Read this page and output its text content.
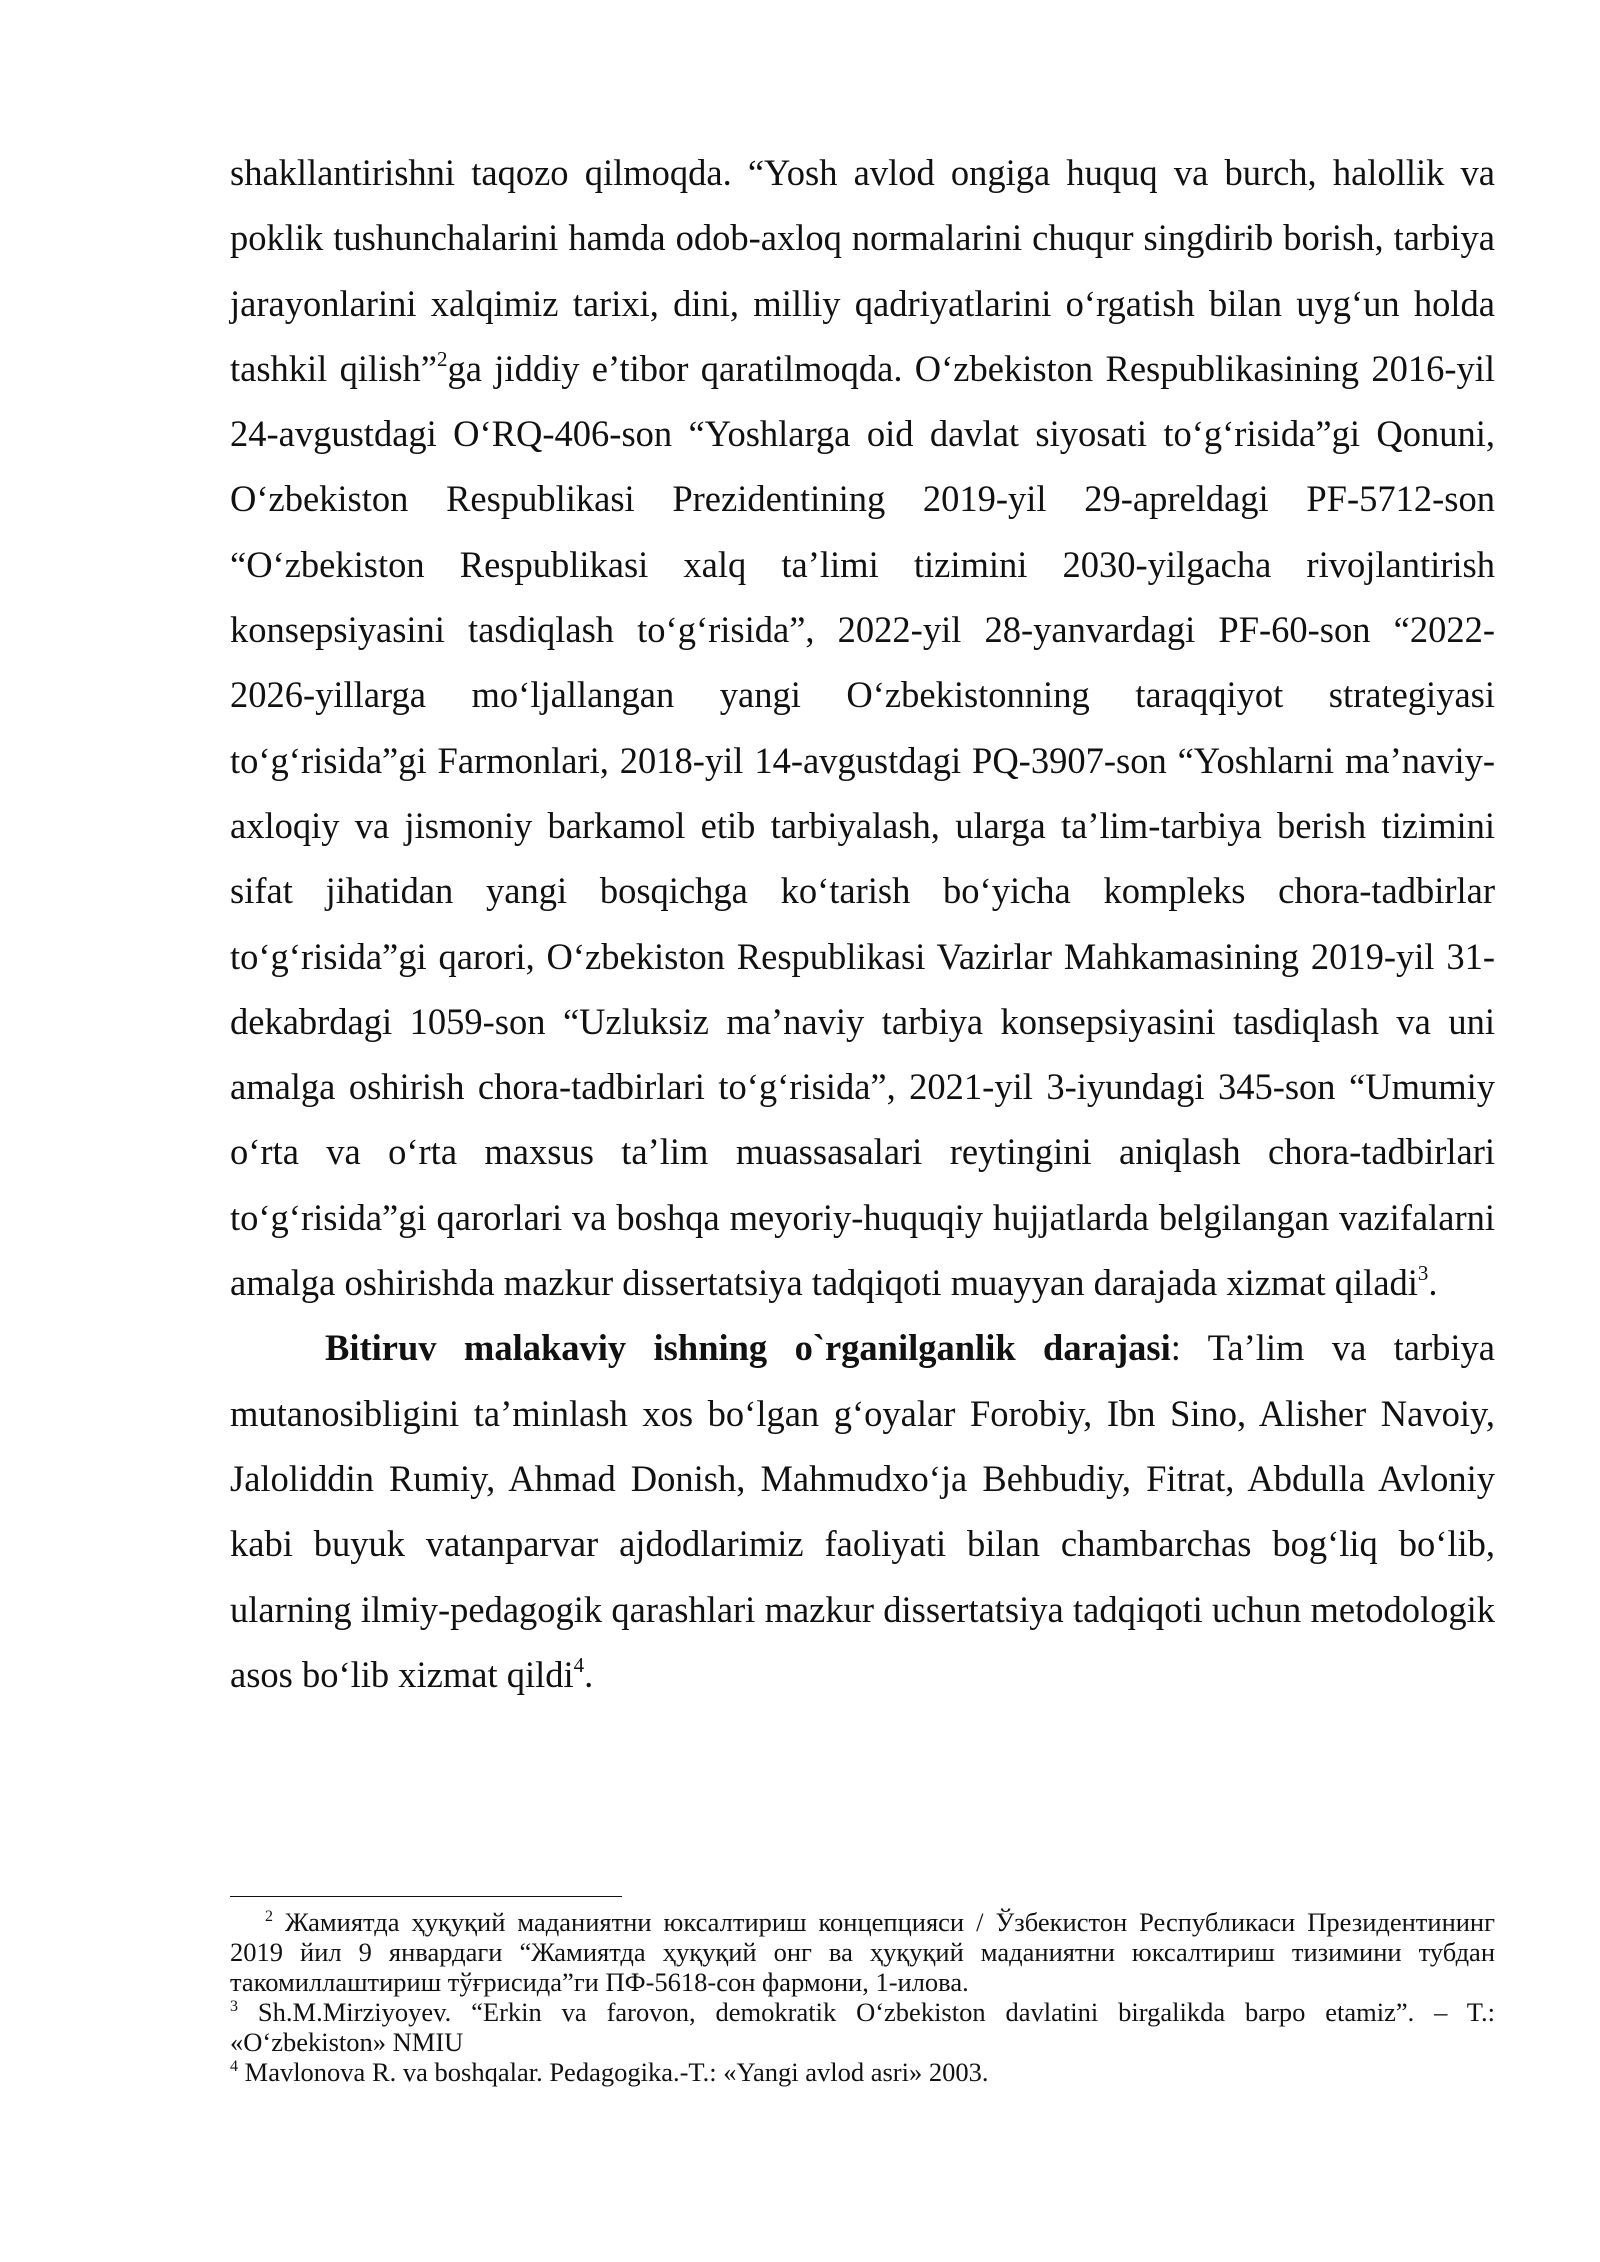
shakllantirishni taqozo qilmoqda. “Yosh avlod ongiga huquq va burch, halollik va poklik tushunchalarini hamda odob-axloq normalarini chuqur singdirib borish, tarbiya jarayonlarini xalqimiz tarixi, dini, milliy qadriyatlarini o‘rgatish bilan uyg‘un holda tashkil qilish”$^2$ga jiddiy e’tibor qaratilmoqda. O‘zbekiston Respublikasining 2016-yil 24-avgustdagi O‘RQ-406-son “Yoshlarga oid davlat siyosati to‘g‘risida”gi Qonuni, O‘zbekiston Respublikasi Prezidentining 2019-yil 29-apreldagi PF-5712-son “O‘zbekiston Respublikasi xalq ta’limi tizimini 2030-yilgacha rivojlantirish konsepsiyasini tasdiqlash to‘g‘risida”, 2022-yil 28-yanvardagi PF-60-son “2022-2026-yillarga mo‘ljallangan yangi O‘zbekistonning taraqqiyot strategiyasi to‘g‘risida”gi Farmonlari, 2018-yil 14-avgustdagi PQ-3907-son “Yoshlarni ma’naviy-axloqiy va jismoniy barkamol etib tarbiyalash, ularga ta’lim-tarbiya berish tizimini sifat jihatidan yangi bosqichga ko‘tarish bo‘yicha kompleks chora-tadbirlar to‘g‘risida”gi qarori, O‘zbekiston Respublikasi Vazirlar Mahkamasining 2019-yil 31-dekabrdagi 1059-son “Uzluksiz ma’naviy tarbiya konsepsiyasini tasdiqlash va uni amalga oshirish chora-tadbirlari to‘g‘risida”, 2021-yil 3-iyundagi 345-son “Umumiy o‘rta va o‘rta maxsus ta’lim muassasalari reytingini aniqlash chora-tadbirlari to‘g‘risida”gi qarorlari va boshqa meyoriy-huquqiy hujjatlarda belgilangan vazifalarni amalga oshirishda mazkur dissertatsiya tadqiqoti muayyan darajada xizmat qiladi$^3$.

Bitiruv malakaviy ishning o`rganilganlik darajasi: Ta’lim va tarbiya mutanosibligini ta’minlash xos bo‘lgan g‘oyalar Forobiy, Ibn Sino, Alisher Navoiy, Jaloliddin Rumiy, Ahmad Donish, Mahmudxo‘ja Behbudiy, Fitrat, Abdulla Avloniy kabi buyuk vatanparvar ajdodlarimiz faoliyati bilan chambarchas bog‘liq bo‘lib, ularning ilmiy-pedagogik qarashlari mazkur dissertatsiya tadqiqoti uchun metodologik asos bo‘lib xizmat qildi$^4$.

$^2$ Жамиятда ҳуқуқий маданиятни юксалтириш концепцияси / Ўзбекистон Республикаси Президентининг 2019 йил 9 январдаги “Жамиятда ҳуқуқий онг ва ҳуқуқий маданиятни юксалтириш тизимини тубдан такомиллаштириш тўғрисида”ги ПФ-5618-сон фармони, 1-илова.

$^3$ Sh.M.Mirziyoyev. “Erkin va farovon, demokratik O‘zbekiston davlatini birgalikda barpo etamiz”. – T.: «O‘zbekiston» NMIU

$^4$ Mavlonova R. va boshqalar. Pedagogika.-T.: «Yangi avlod asri» 2003.
